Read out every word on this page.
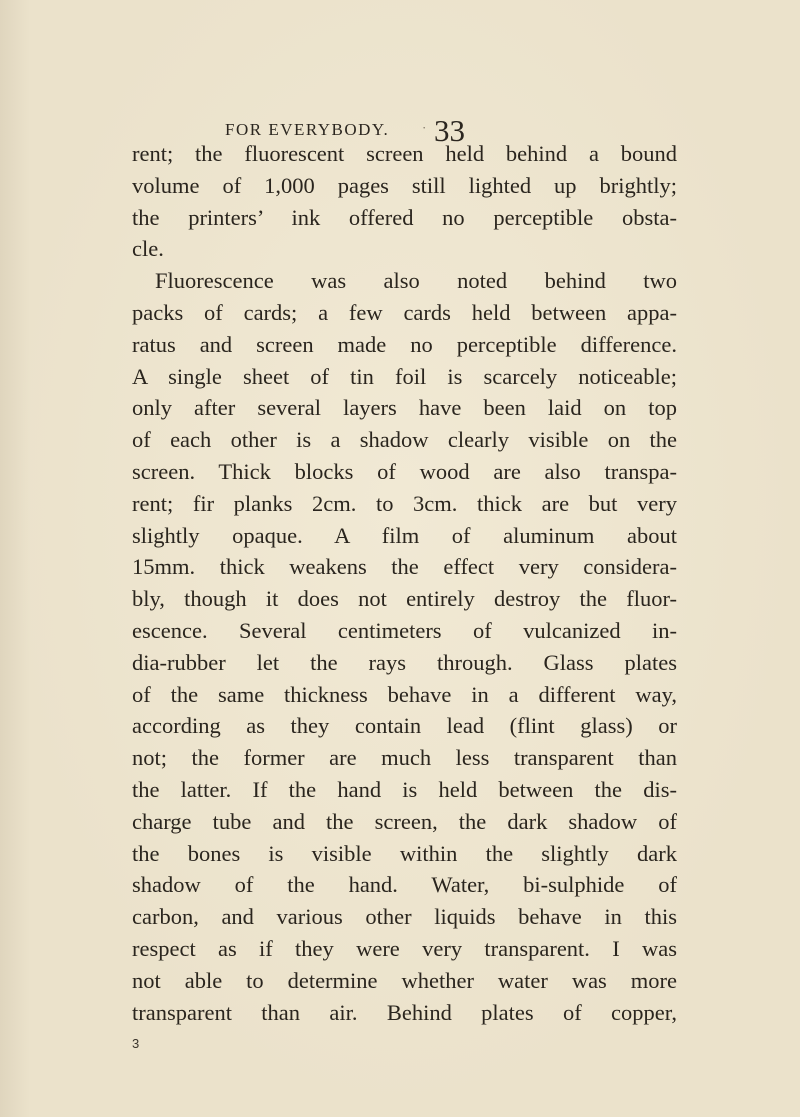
FOR EVERYBODY.	· 33
rent; the fluorescent screen held behind a bound
volume of 1,000 pages still lighted up brightly;
the printers’ ink offered no perceptible obsta-
cle.
Fluorescence was also noted behind two
packs of cards; a few cards held between appa-
ratus and screen made no perceptible difference.
A single sheet of tin foil is scarcely noticeable;
only after several layers have been laid on top
of each other is a shadow clearly visible on the
screen. Thick blocks of wood are also transpa-
rent; fir planks 2cm. to 3cm. thick are but very
slightly opaque. A film of aluminum about
15mm. thick weakens the effect very considera-
bly, though it does not entirely destroy the fluor-
escence. Several centimeters of vulcanized in-
dia-rubber let the rays through. Glass plates
of the same thickness behave in a different way,
according as they contain lead (flint glass) or
not; the former are much less transparent than
the latter. If the hand is held between the dis-
charge tube and the screen, the dark shadow of
the bones is visible within the slightly dark
shadow of the hand. Water, bi-sulphide of
carbon, and various other liquids behave in this
respect as if they were very transparent. I was
not able to determine whether water was more
transparent than air. Behind plates of copper,
3
